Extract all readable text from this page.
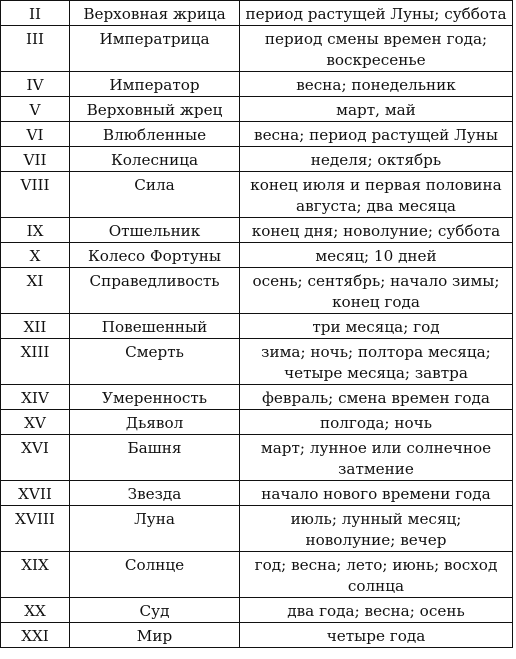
II	Верховная жрица	период растущей Луны; суббота
III	Императрица	период смены времен года; воскресенье
IV	Император	весна; понедельник
V	Верховный жрец	март, май
VI	Влюбленные	весна; период растущей Луны
VII	Колесница	неделя; октябрь
VIII	Сила	конец июля и первая половина августа; два месяца
IX	Отшельник	конец дня; новолуние; суббота
X	Колесо Фортуны	месяц; 10 дней
XI	Справедливость	осень; сентябрь; начало зимы; конец года
XII	Повешенный	три месяца; год
XIII	Смерть	зима; ночь; полтора месяца; четыре месяца; завтра
XIV	Умеренность	февраль; смена времен года
XV	Дьявол	полгода; ночь
XVI	Башня	март; лунное или солнечное затмение
XVII	Звезда	начало нового времени года
XVIII	Луна	июль; лунный месяц; новолуние; вечер
XIX	Солнце	год; весна; лето; июнь; восход солнца
XX	Суд	два года; весна; осень
XXI	Мир	четыре года
